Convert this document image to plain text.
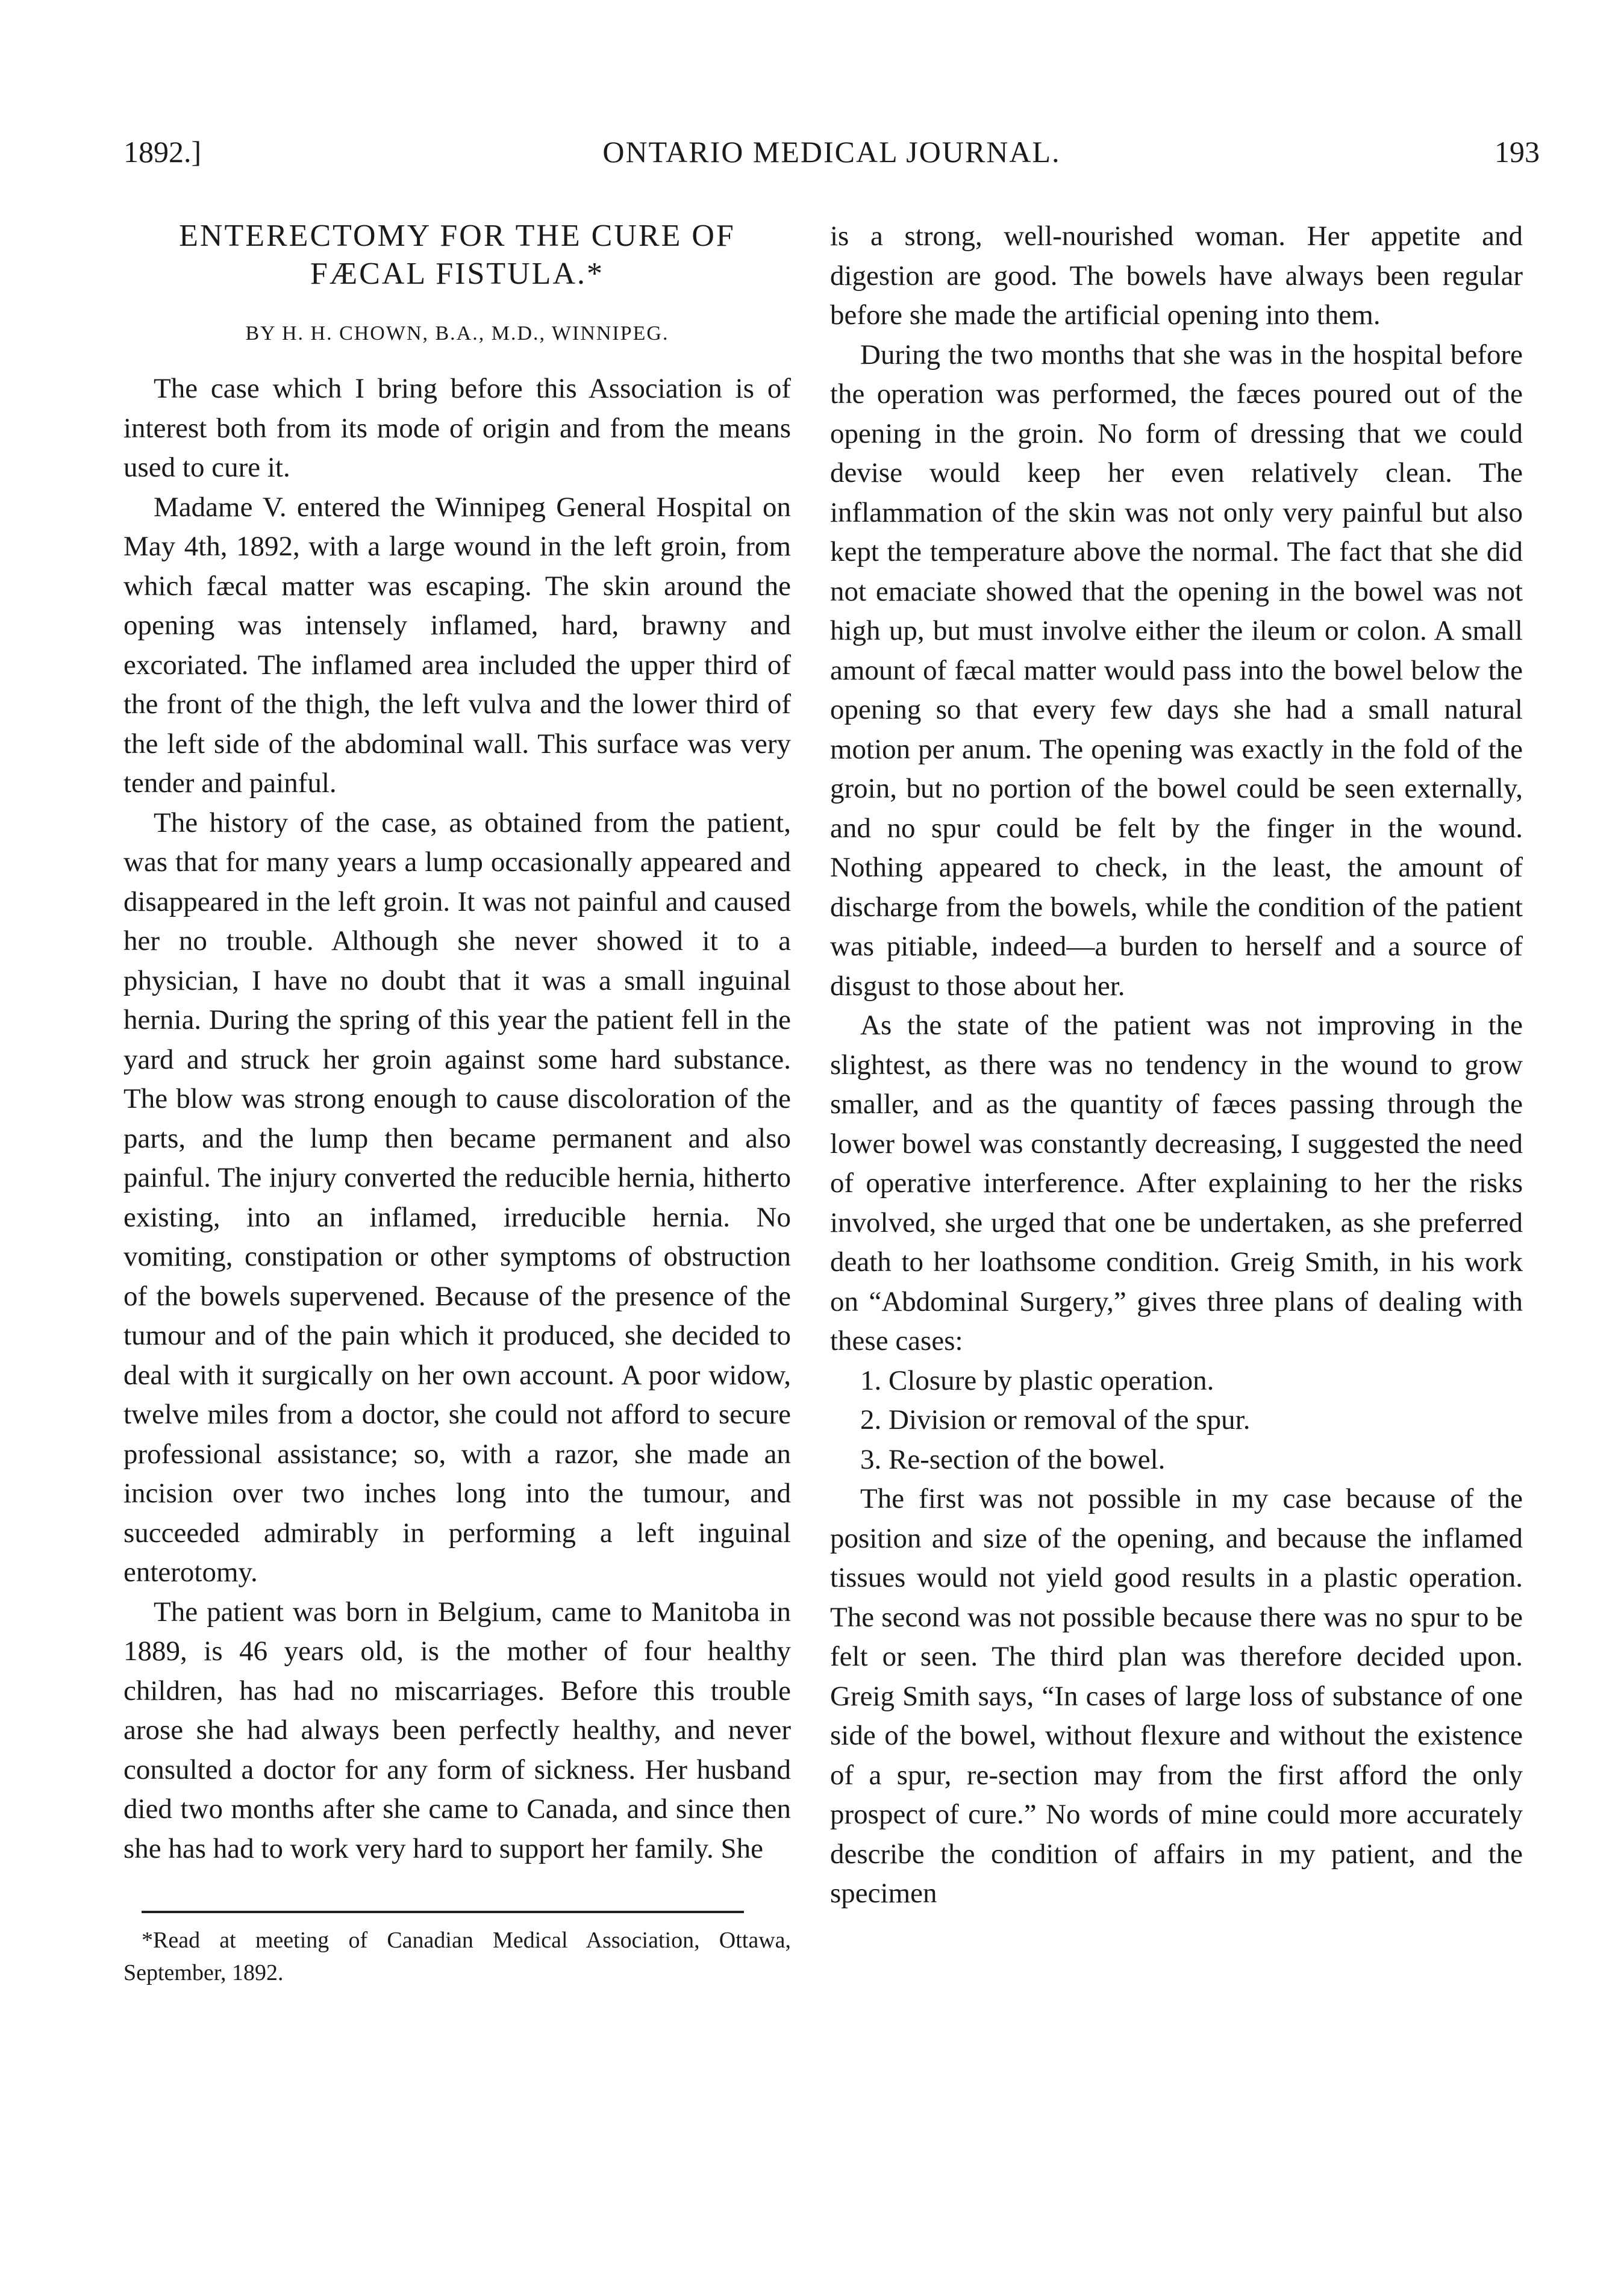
1892.]	ONTARIO MEDICAL JOURNAL.	193
ENTERECTOMY FOR THE CURE OF
FÆCAL FISTULA.*
BY H. H. CHOWN, B.A., M.D., WINNIPEG.

The case which I bring before this Association is of interest both from its mode of origin and from the means used to cure it.

Madame V. entered the Winnipeg General Hospital on May 4th, 1892, with a large wound in the left groin, from which fæcal matter was escaping. The skin around the opening was intensely inflamed, hard, brawny and excoriated. The inflamed area included the upper third of the front of the thigh, the left vulva and the lower third of the left side of the abdominal wall. This surface was very tender and painful.

The history of the case, as obtained from the patient, was that for many years a lump occasionally appeared and disappeared in the left groin. It was not painful and caused her no trouble. Although she never showed it to a physician, I have no doubt that it was a small inguinal hernia. During the spring of this year the patient fell in the yard and struck her groin against some hard substance. The blow was strong enough to cause discoloration of the parts, and the lump then became permanent and also painful. The injury converted the reducible hernia, hitherto existing, into an inflamed, irreducible hernia. No vomiting, constipation or other symptoms of obstruction of the bowels supervened. Because of the presence of the tumour and of the pain which it produced, she decided to deal with it surgically on her own account. A poor widow, twelve miles from a doctor, she could not afford to secure professional assistance; so, with a razor, she made an incision over two inches long into the tumour, and succeeded admirably in performing a left inguinal enterotomy.

The patient was born in Belgium, came to Manitoba in 1889, is 46 years old, is the mother of four healthy children, has had no miscarriages. Before this trouble arose she had always been perfectly healthy, and never consulted a doctor for any form of sickness. Her husband died two months after she came to Canada, and since then she has had to work very hard to support her family. She

*Read at meeting of Canadian Medical Association, Ottawa, September, 1892.

is a strong, well-nourished woman. Her appetite and digestion are good. The bowels have always been regular before she made the artificial opening into them.

During the two months that she was in the hospital before the operation was performed, the fæces poured out of the opening in the groin. No form of dressing that we could devise would keep her even relatively clean. The inflammation of the skin was not only very painful but also kept the temperature above the normal. The fact that she did not emaciate showed that the opening in the bowel was not high up, but must involve either the ileum or colon. A small amount of fæcal matter would pass into the bowel below the opening so that every few days she had a small natural motion per anum. The opening was exactly in the fold of the groin, but no portion of the bowel could be seen externally, and no spur could be felt by the finger in the wound. Nothing appeared to check, in the least, the amount of discharge from the bowels, while the condition of the patient was pitiable, indeed—a burden to herself and a source of disgust to those about her.

As the state of the patient was not improving in the slightest, as there was no tendency in the wound to grow smaller, and as the quantity of fæces passing through the lower bowel was constantly decreasing, I suggested the need of operative interference. After explaining to her the risks involved, she urged that one be undertaken, as she preferred death to her loathsome condition. Greig Smith, in his work on “Abdominal Surgery,” gives three plans of dealing with these cases:

1. Closure by plastic operation.
2. Division or removal of the spur.
3. Re-section of the bowel.

The first was not possible in my case because of the position and size of the opening, and because the inflamed tissues would not yield good results in a plastic operation. The second was not possible because there was no spur to be felt or seen. The third plan was therefore decided upon. Greig Smith says, “In cases of large loss of substance of one side of the bowel, without flexure and without the existence of a spur, re-section may from the first afford the only prospect of cure.” No words of mine could more accurately describe the condition of affairs in my patient, and the specimen
